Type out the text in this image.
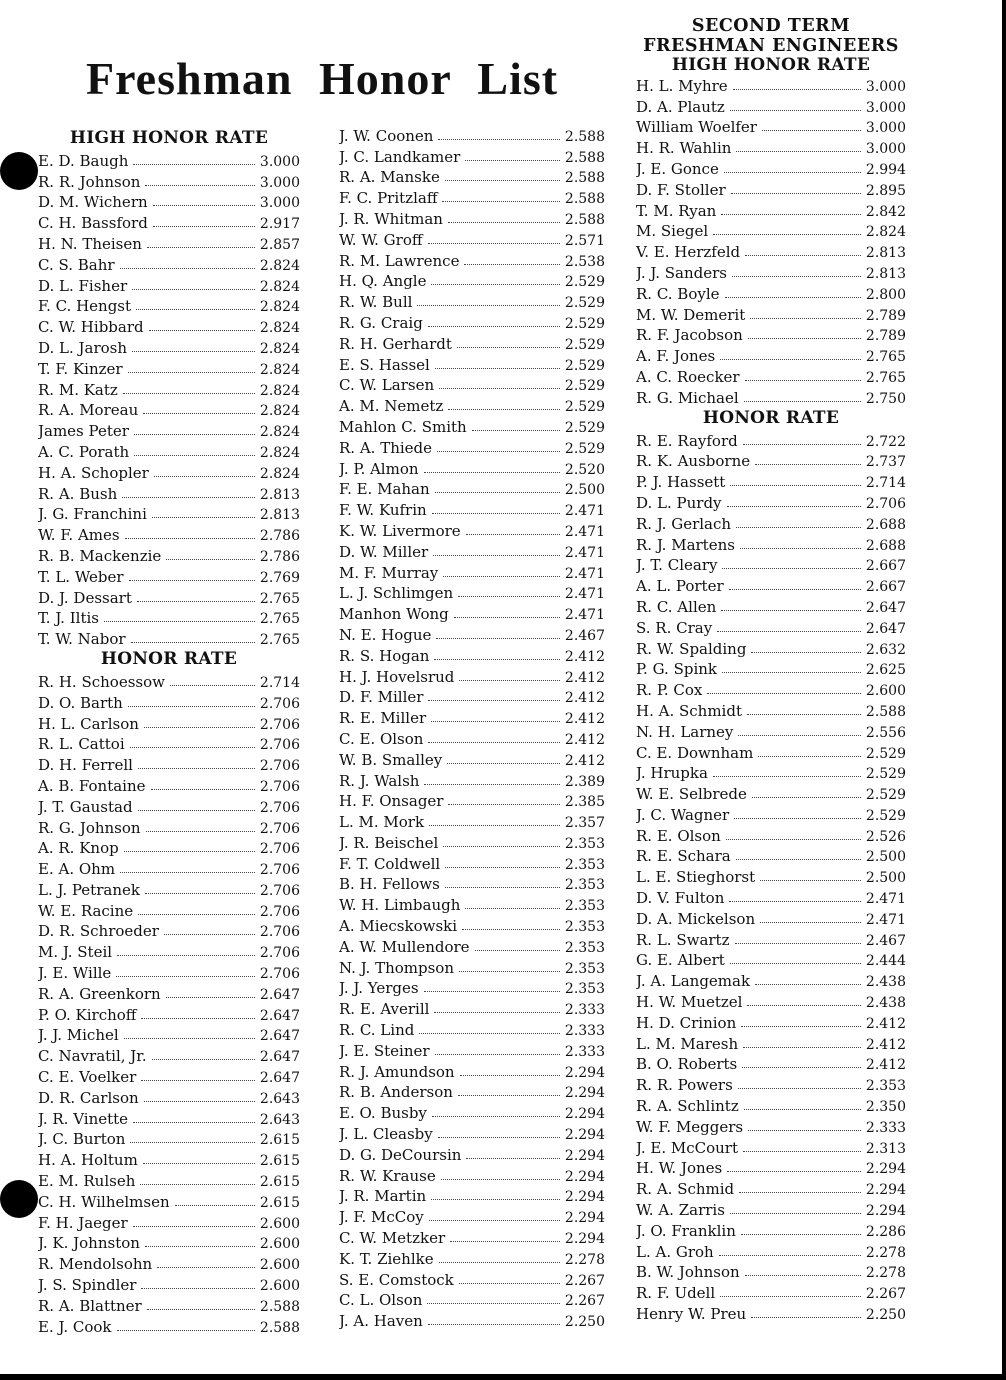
Freshman Honor List
HIGH HONOR RATE
E. D. Baugh	3.000
R. R. Johnson	3.000
D. M. Wichern	3.000
C. H. Bassford	2.917
H. N. Theisen	2.857
C. S. Bahr	2.824
D. L. Fisher	2.824
F. C. Hengst	2.824
C. W. Hibbard	2.824
D. L. Jarosh	2.824
T. F. Kinzer	2.824
R. M. Katz	2.824
R. A. Moreau	2.824
James Peter	2.824
A. C. Porath	2.824
H. A. Schopler	2.824
R. A. Bush	2.813
J. G. Franchini	2.813
W. F. Ames	2.786
R. B. Mackenzie	2.786
T. L. Weber	2.769
D. J. Dessart	2.765
T. J. Iltis	2.765
T. W. Nabor	2.765
HONOR RATE
R. H. Schoessow	2.714
D. O. Barth	2.706
H. L. Carlson	2.706
R. L. Cattoi	2.706
D. H. Ferrell	2.706
A. B. Fontaine	2.706
J. T. Gaustad	2.706
R. G. Johnson	2.706
A. R. Knop	2.706
E. A. Ohm	2.706
L. J. Petranek	2.706
W. E. Racine	2.706
D. R. Schroeder	2.706
M. J. Steil	2.706
J. E. Wille	2.706
R. A. Greenkorn	2.647
P. O. Kirchoff	2.647
J. J. Michel	2.647
C. Navratil, Jr.	2.647
C. E. Voelker	2.647
D. R. Carlson	2.643
J. R. Vinette	2.643
J. C. Burton	2.615
H. A. Holtum	2.615
E. M. Rulseh	2.615
C. H. Wilhelmsen	2.615
F. H. Jaeger	2.600
J. K. Johnston	2.600
R. Mendolsohn	2.600
J. S. Spindler	2.600
R. A. Blattner	2.588
E. J. Cook	2.588
J. W. Coonen	2.588
J. C. Landkamer	2.588
R. A. Manske	2.588
F. C. Pritzlaff	2.588
J. R. Whitman	2.588
W. W. Groff	2.571
R. M. Lawrence	2.538
H. Q. Angle	2.529
R. W. Bull	2.529
R. G. Craig	2.529
R. H. Gerhardt	2.529
E. S. Hassel	2.529
C. W. Larsen	2.529
A. M. Nemetz	2.529
Mahlon C. Smith	2.529
R. A. Thiede	2.529
J. P. Almon	2.520
F. E. Mahan	2.500
F. W. Kufrin	2.471
K. W. Livermore	2.471
D. W. Miller	2.471
M. F. Murray	2.471
L. J. Schlimgen	2.471
Manhon Wong	2.471
N. E. Hogue	2.467
R. S. Hogan	2.412
H. J. Hovelsrud	2.412
D. F. Miller	2.412
R. E. Miller	2.412
C. E. Olson	2.412
W. B. Smalley	2.412
R. J. Walsh	2.389
H. F. Onsager	2.385
L. M. Mork	2.357
J. R. Beischel	2.353
F. T. Coldwell	2.353
B. H. Fellows	2.353
W. H. Limbaugh	2.353
A. Miecskowski	2.353
A. W. Mullendore	2.353
N. J. Thompson	2.353
J. J. Yerges	2.353
R. E. Averill	2.333
R. C. Lind	2.333
J. E. Steiner	2.333
R. J. Amundson	2.294
R. B. Anderson	2.294
E. O. Busby	2.294
J. L. Cleasby	2.294
D. G. DeCoursin	2.294
R. W. Krause	2.294
J. R. Martin	2.294
J. F. McCoy	2.294
C. W. Metzker	2.294
K. T. Ziehlke	2.278
S. E. Comstock	2.267
C. L. Olson	2.267
J. A. Haven	2.250
SECOND TERM
FRESHMAN ENGINEERS
HIGH HONOR RATE
H. L. Myhre	3.000
D. A. Plautz	3.000
William Woelfer	3.000
H. R. Wahlin	3.000
J. E. Gonce	2.994
D. F. Stoller	2.895
T. M. Ryan	2.842
M. Siegel	2.824
V. E. Herzfeld	2.813
J. J. Sanders	2.813
R. C. Boyle	2.800
M. W. Demerit	2.789
R. F. Jacobson	2.789
A. F. Jones	2.765
A. C. Roecker	2.765
R. G. Michael	2.750
HONOR RATE
R. E. Rayford	2.722
R. K. Ausborne	2.737
P. J. Hassett	2.714
D. L. Purdy	2.706
R. J. Gerlach	2.688
R. J. Martens	2.688
J. T. Cleary	2.667
A. L. Porter	2.667
R. C. Allen	2.647
S. R. Cray	2.647
R. W. Spalding	2.632
P. G. Spink	2.625
R. P. Cox	2.600
H. A. Schmidt	2.588
N. H. Larney	2.556
C. E. Downham	2.529
J. Hrupka	2.529
W. E. Selbrede	2.529
J. C. Wagner	2.529
R. E. Olson	2.526
R. E. Schara	2.500
L. E. Stieghorst	2.500
D. V. Fulton	2.471
D. A. Mickelson	2.471
R. L. Swartz	2.467
G. E. Albert	2.444
J. A. Langemak	2.438
H. W. Muetzel	2.438
H. D. Crinion	2.412
L. M. Maresh	2.412
B. O. Roberts	2.412
R. R. Powers	2.353
R. A. Schlintz	2.350
W. F. Meggers	2.333
J. E. McCourt	2.313
H. W. Jones	2.294
R. A. Schmid	2.294
W. A. Zarris	2.294
J. O. Franklin	2.286
L. A. Groh	2.278
B. W. Johnson	2.278
R. F. Udell	2.267
Henry W. Preu	2.250
